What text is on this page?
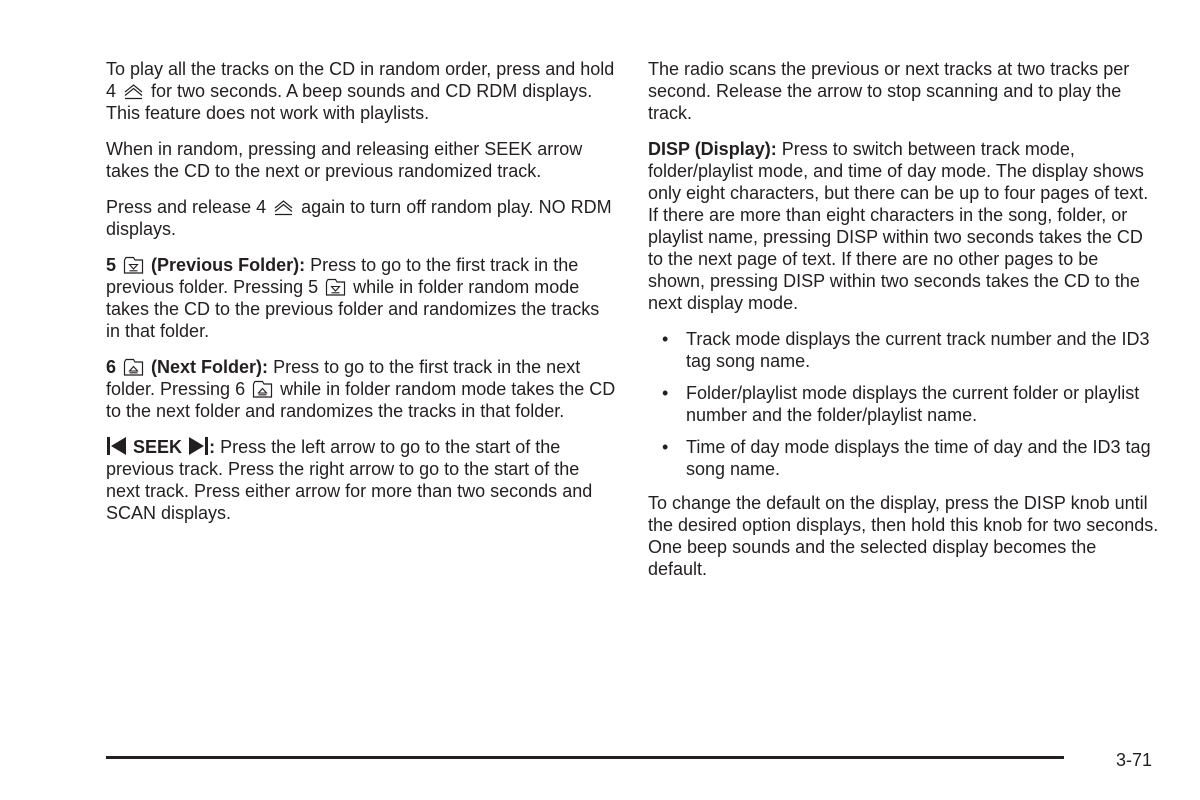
To play all the tracks on the CD in random order, press and hold 4 for two seconds. A beep sounds and CD RDM displays. This feature does not work with playlists.

When in random, pressing and releasing either SEEK arrow takes the CD to the next or previous randomized track.

Press and release 4 again to turn off random play. NO RDM displays.

5 (Previous Folder): Press to go to the first track in the previous folder. Pressing 5 while in folder random mode takes the CD to the previous folder and randomizes the tracks in that folder.

6 (Next Folder): Press to go to the first track in the next folder. Pressing 6 while in folder random mode takes the CD to the next folder and randomizes the tracks in that folder.

SEEK : Press the left arrow to go to the start of the previous track. Press the right arrow to go to the start of the next track. Press either arrow for more than two seconds and SCAN displays.

The radio scans the previous or next tracks at two tracks per second. Release the arrow to stop scanning and to play the track.

DISP (Display): Press to switch between track mode, folder/playlist mode, and time of day mode. The display shows only eight characters, but there can be up to four pages of text. If there are more than eight characters in the song, folder, or playlist name, pressing DISP within two seconds takes the CD to the next page of text. If there are no other pages to be shown, pressing DISP within two seconds takes the CD to the next display mode.

• Track mode displays the current track number and the ID3 tag song name.
• Folder/playlist mode displays the current folder or playlist number and the folder/playlist name.
• Time of day mode displays the time of day and the ID3 tag song name.

To change the default on the display, press the DISP knob until the desired option displays, then hold this knob for two seconds. One beep sounds and the selected display becomes the default.

3-71
